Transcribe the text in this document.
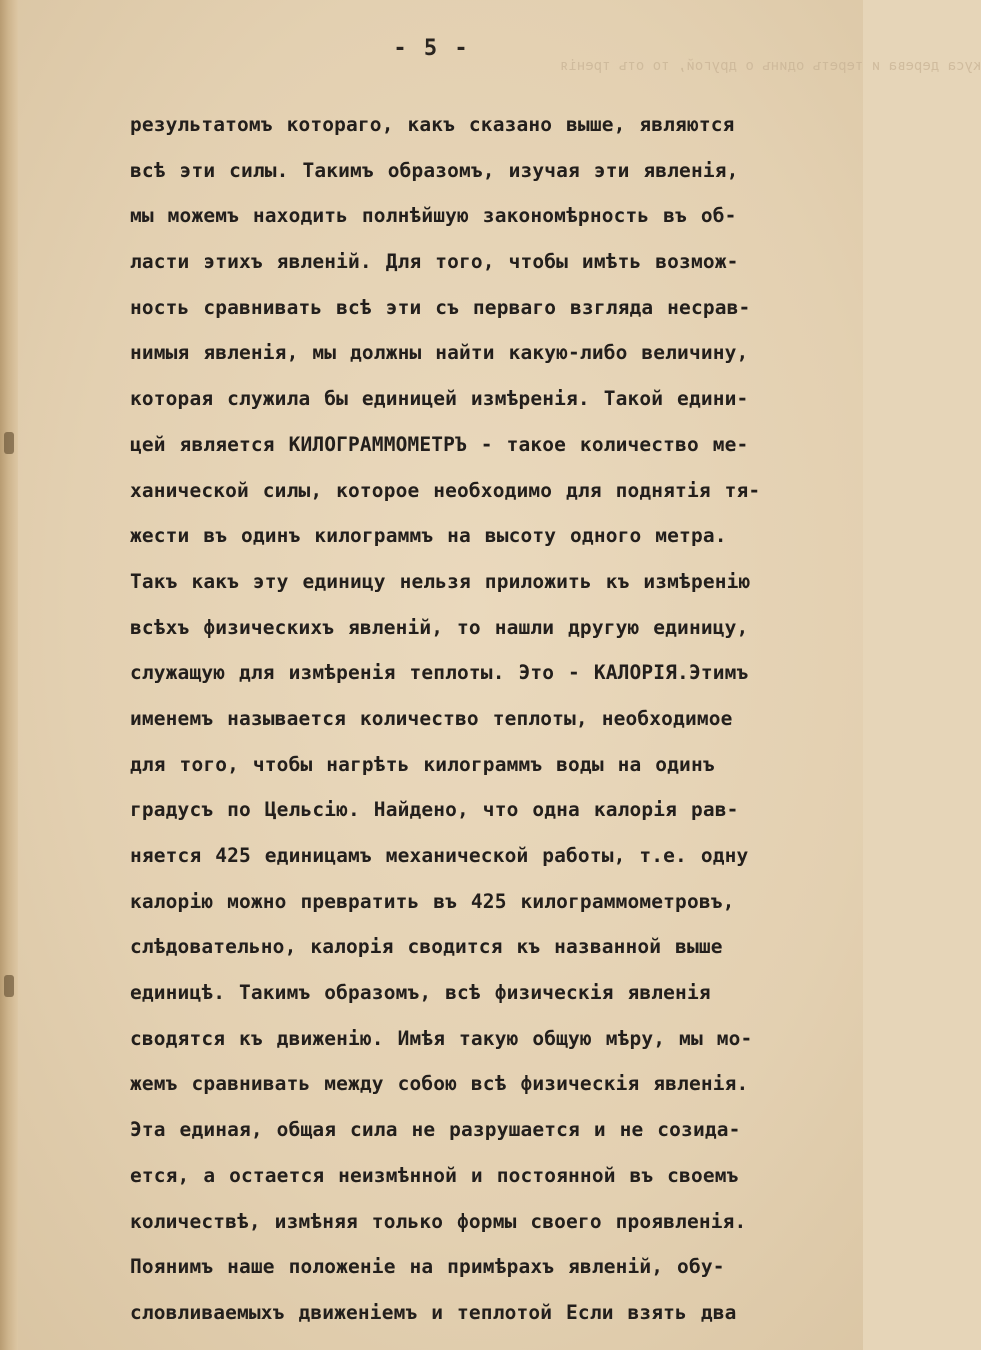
куса дерева и теретъ одинъ о другой, то отъ тренія
- 5 -
результатомъ котораго, какъ сказано выше, являются
всѣ эти силы. Такимъ образомъ, изучая эти явленія,
мы можемъ находить полнѣйшую закономѣрность въ об-
ласти этихъ явленій. Для того, чтобы имѣть возмож-
ность сравнивать всѣ эти съ перваго взгляда несрав-
нимыя явленія, мы должны найти какую-либо величину,
которая служила бы единицей измѣренія. Такой едини-
цей является КИЛОГРАММОМЕТРЪ - такое количество ме-
ханической силы, которое необходимо для поднятія тя-
жести въ одинъ килограммъ на высоту одного метра.
Такъ какъ эту единицу нельзя приложить къ измѣренію
всѣхъ физическихъ явленій, то нашли другую единицу,
служащую для измѣренія теплоты. Это - КАЛОРІЯ.Этимъ
именемъ называется количество теплоты, необходимое
для того, чтобы нагрѣть килограммъ воды на одинъ
градусъ по Цельсію. Найдено, что одна калорія рав-
няется 425 единицамъ механической работы, т.е. одну
калорію можно превратить въ 425 килограммометровъ,
слѣдовательно, калорія сводится къ названной выше
единицѣ. Такимъ образомъ, всѣ физическія явленія
сводятся къ движенію. Имѣя такую общую мѣру, мы мо-
жемъ сравнивать между собою всѣ физическія явленія.
Эта единая, общая сила не разрушается и не созида-
ется, а остается неизмѣнной и постоянной въ своемъ
количествѣ, измѣняя только формы своего проявленія.
Поянимъ наше положеніе на примѣрахъ явленій, обу-
словливаемыхъ движеніемъ и теплотой Если взять два
